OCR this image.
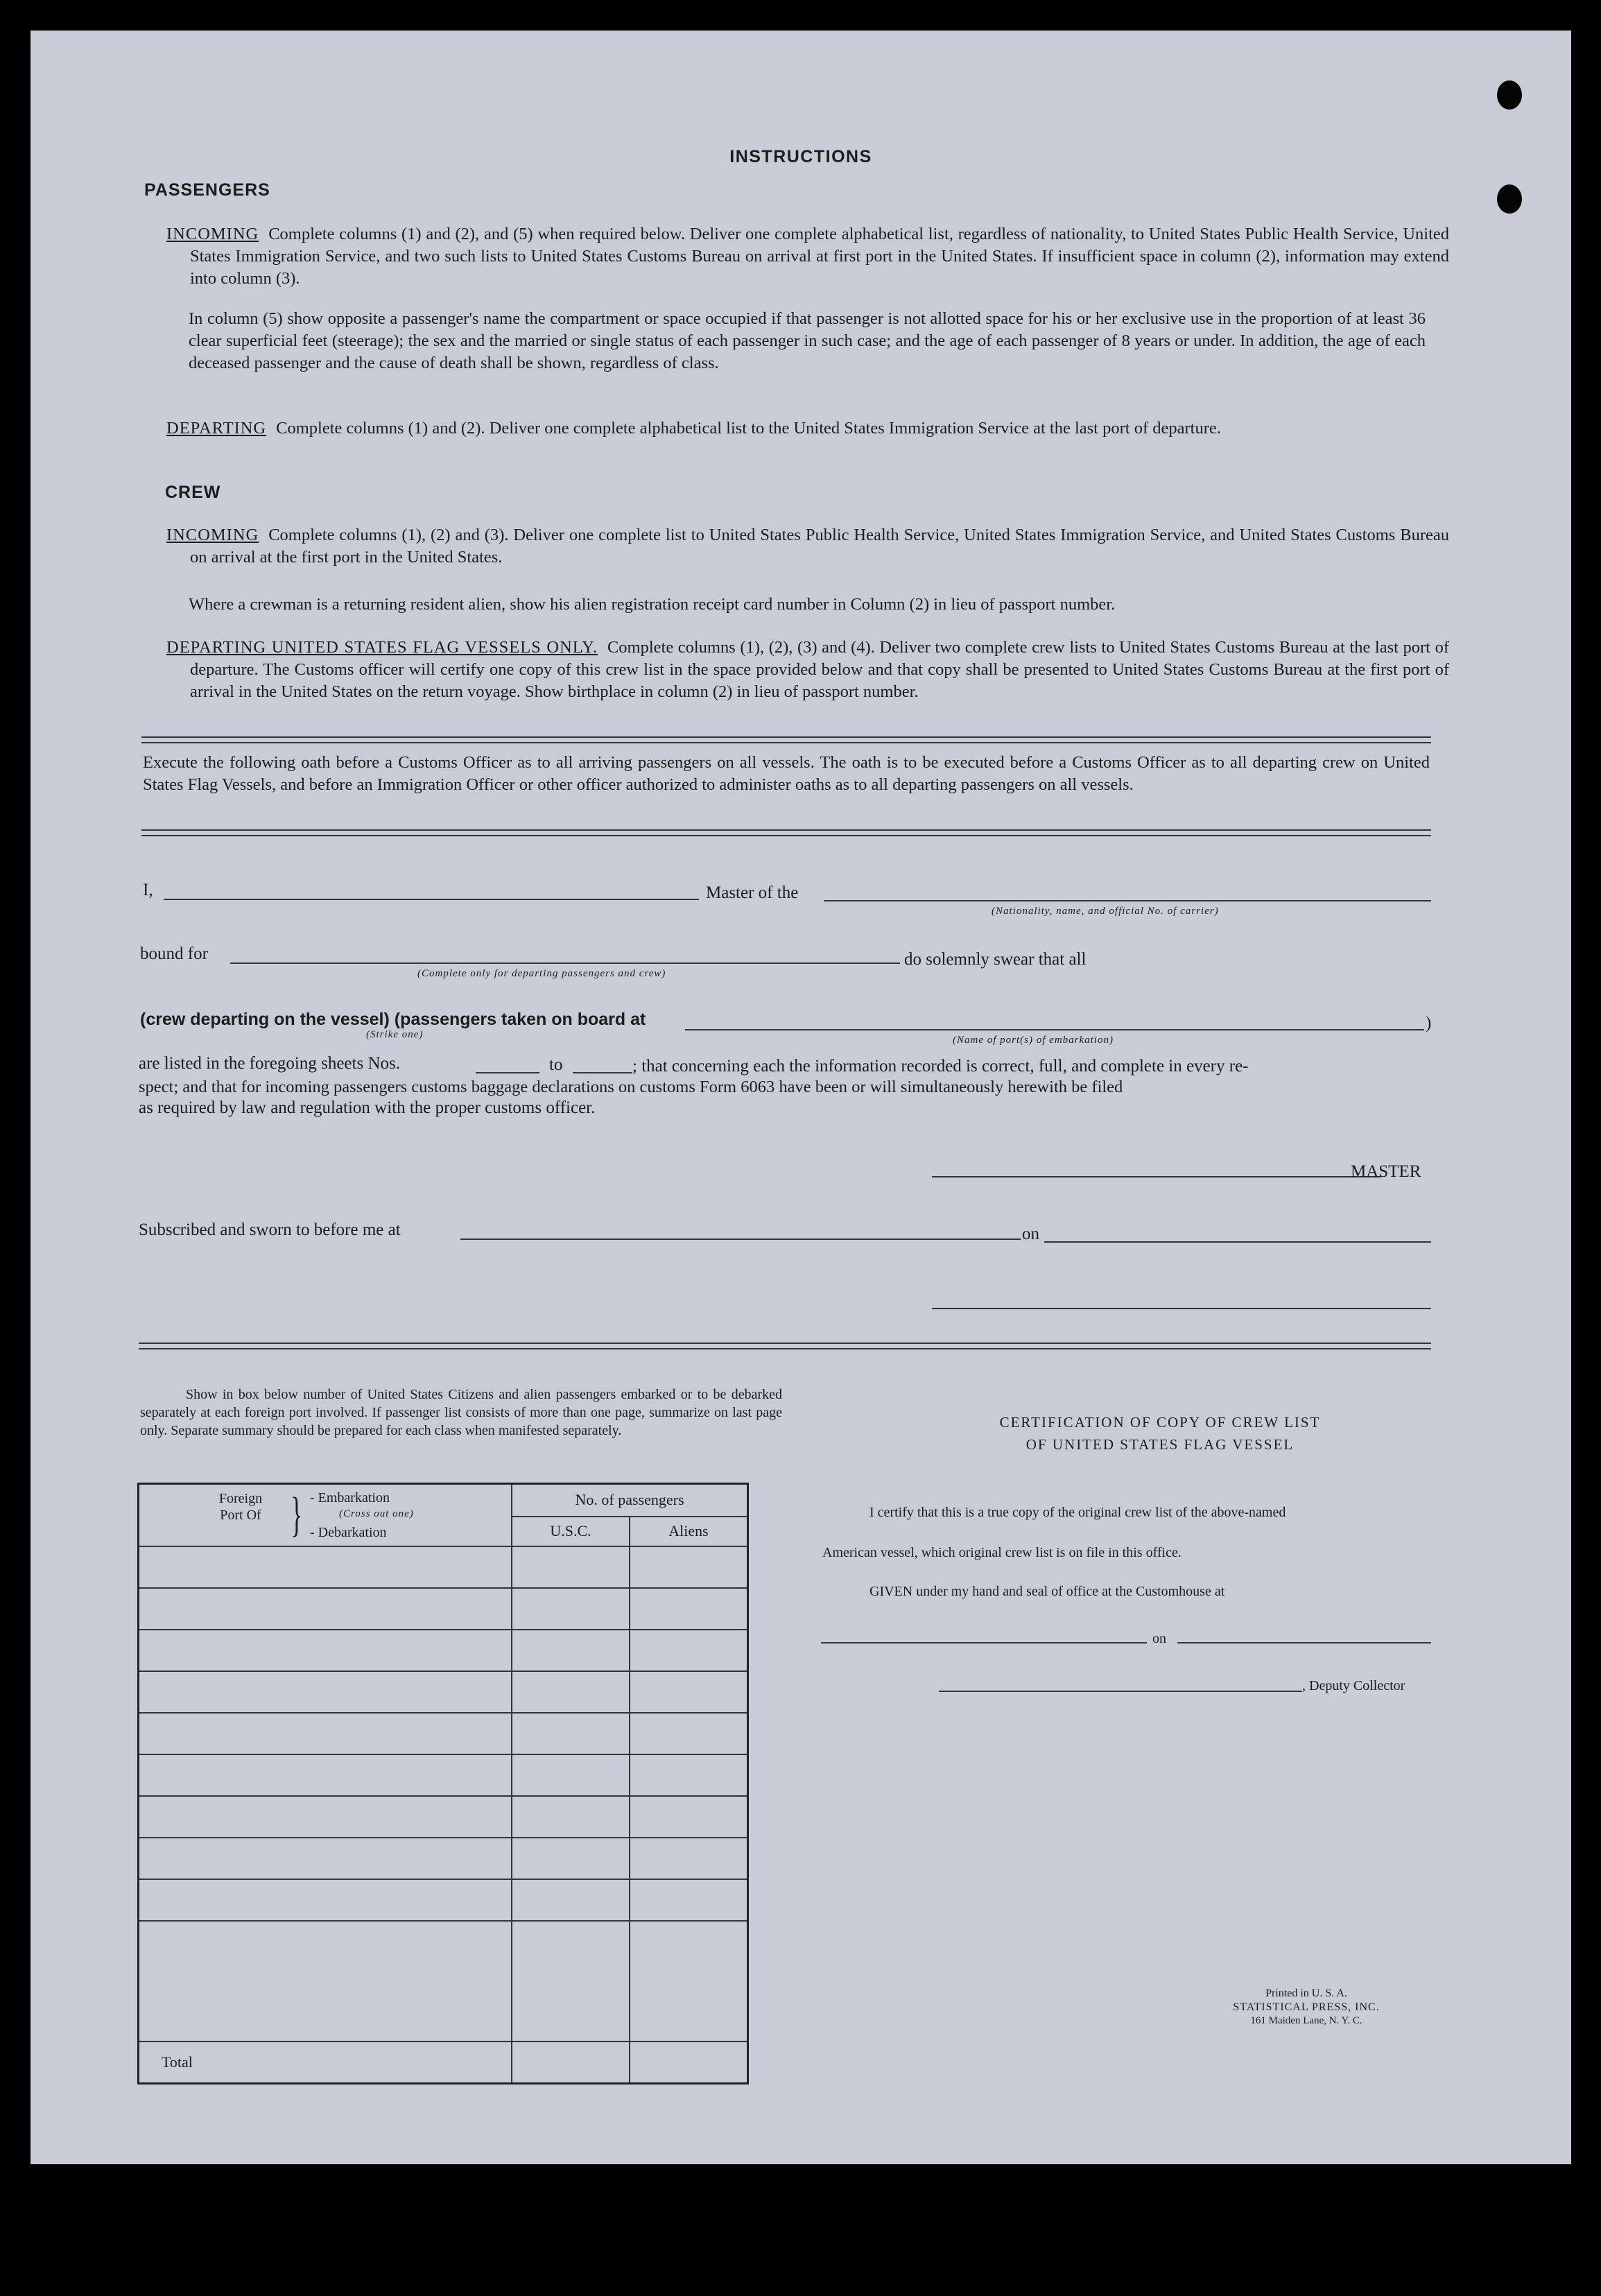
INSTRUCTIONS
PASSENGERS
INCOMING Complete columns (1) and (2), and (5) when required below. Deliver one complete alphabetical list, regardless of nationality, to United States Public Health Service, United States Immigration Service, and two such lists to United States Customs Bureau on arrival at first port in the United States. If insufficient space in column (2), information may extend into column (3).
In column (5) show opposite a passenger's name the compartment or space occupied if that passenger is not allotted space for his or her exclusive use in the proportion of at least 36 clear superficial feet (steerage); the sex and the married or single status of each passenger in such case; and the age of each passenger of 8 years or under. In addition, the age of each deceased passenger and the cause of death shall be shown, regardless of class.
DEPARTING Complete columns (1) and (2). Deliver one complete alphabetical list to the United States Immigration Service at the last port of departure.
CREW
INCOMING Complete columns (1), (2) and (3). Deliver one complete list to United States Public Health Service, United States Immigration Service, and United States Customs Bureau on arrival at the first port in the United States.
Where a crewman is a returning resident alien, show his alien registration receipt card number in Column (2) in lieu of passport number.
DEPARTING UNITED STATES FLAG VESSELS ONLY. Complete columns (1), (2), (3) and (4). Deliver two complete crew lists to United States Customs Bureau at the last port of departure. The Customs officer will certify one copy of this crew list in the space provided below and that copy shall be presented to United States Customs Bureau at the first port of arrival in the United States on the return voyage. Show birthplace in column (2) in lieu of passport number.
Execute the following oath before a Customs Officer as to all arriving passengers on all vessels. The oath is to be executed before a Customs Officer as to all departing crew on United States Flag Vessels, and before an Immigration Officer or other officer authorized to administer oaths as to all departing passengers on all vessels.
I,	Master of the
(Nationality, name, and official No. of carrier)
bound for
(Complete only for departing passengers and crew)
do solemnly swear that all
(crew departing on the vessel) (passengers taken on board at	)
(Strike one)	(Name of port(s) of embarkation)
are listed in the foregoing sheets Nos.	to	; that concerning each the information recorded is correct, full, and complete in every re-
spect; and that for incoming passengers customs baggage declarations on customs Form 6063 have been or will simultaneously herewith be filed
as required by law and regulation with the proper customs officer.
MASTER
Subscribed and sworn to before me at	on
Show in box below number of United States Citizens and alien passengers embarked or to be debarked separately at each foreign port involved. If passenger list consists of more than one page, summarize on last page only. Separate summary should be prepared for each class when manifested separately.
Foreign Port Of } - Embarkation
(Cross out one)
- Debarkation	No. of passengers	
	U.S.C.	Aliens

Total		
CERTIFICATION OF COPY OF CREW LIST
OF UNITED STATES FLAG VESSEL
I certify that this is a true copy of the original crew list of the above-named
American vessel, which original crew list is on file in this office.
GIVEN under my hand and seal of office at the Customhouse at
on
, Deputy Collector
Printed in U. S. A.
STATISTICAL PRESS, INC.
161 Maiden Lane, N. Y. C.
